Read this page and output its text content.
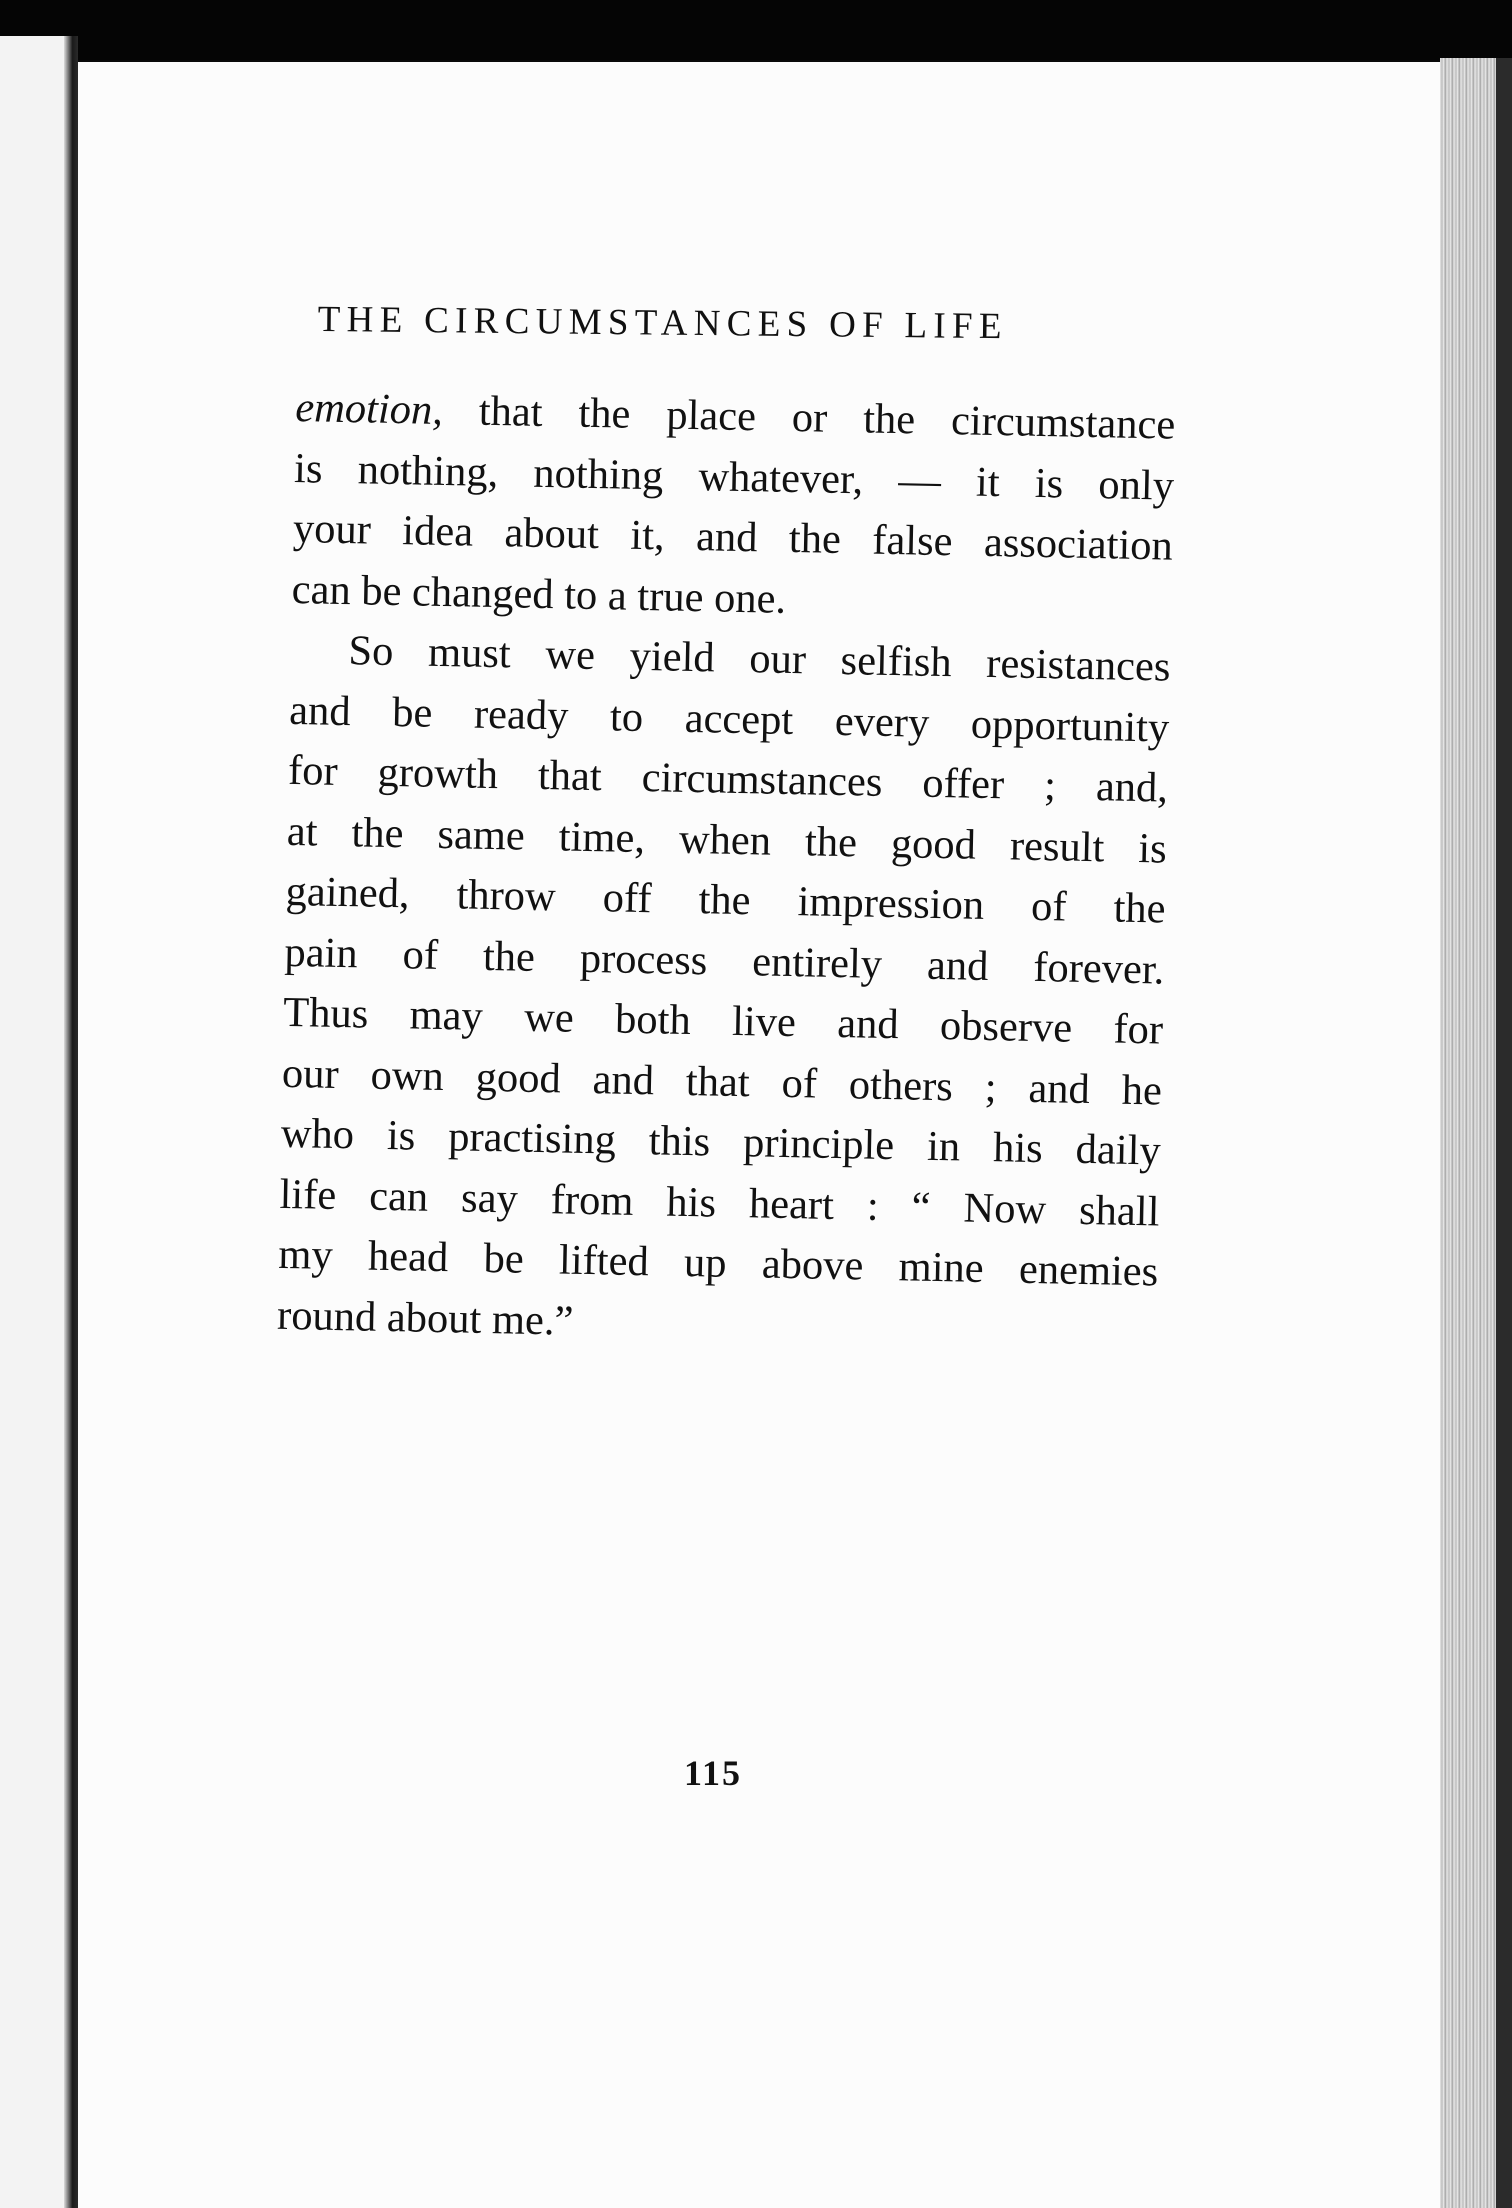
THE CIRCUMSTANCES OF LIFE
emotion, that the place or the circumstance
is nothing, nothing whatever, — it is only
your idea about it, and the false association
can be changed to a true one.
So must we yield our selfish resistances
and be ready to accept every opportunity
for growth that circumstances offer ; and,
at the same time, when the good result is
gained, throw off the impression of the
pain of the process entirely and forever.
Thus may we both live and observe for
our own good and that of others ; and he
who is practising this principle in his daily
life can say from his heart : “ Now shall
my head be lifted up above mine enemies
round about me.”
115
